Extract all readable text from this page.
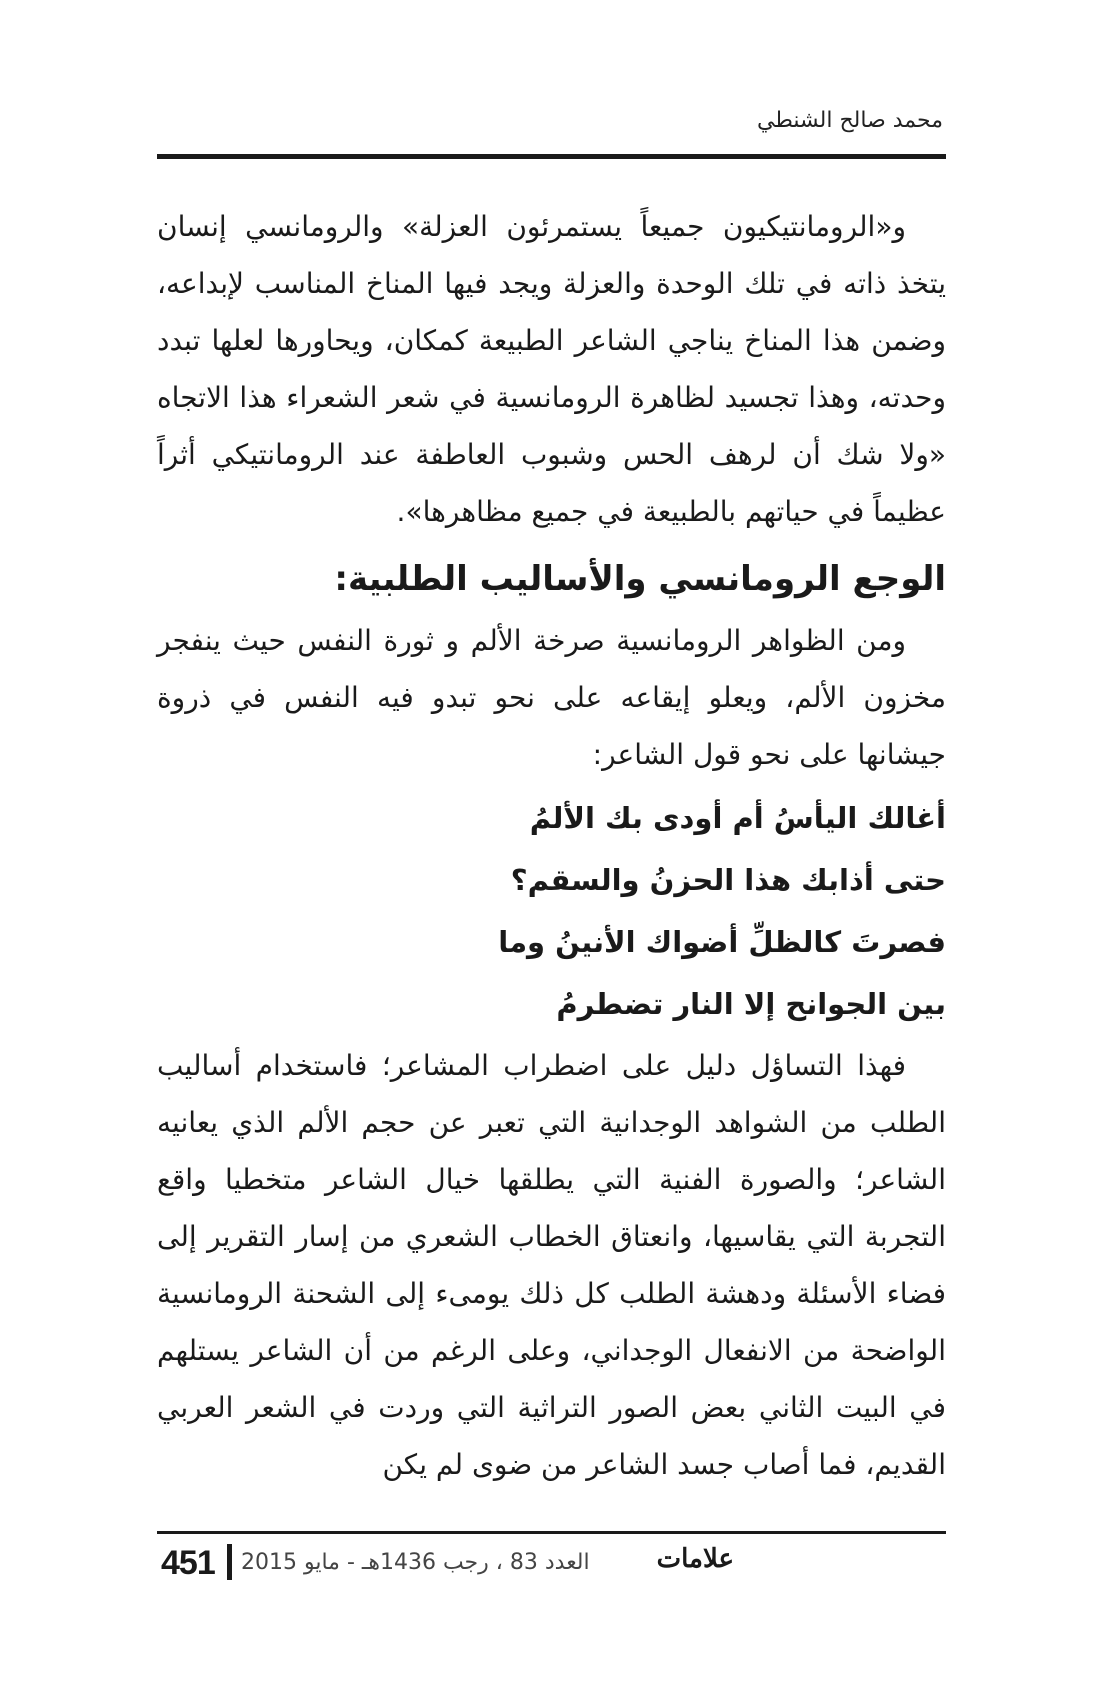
محمد صالح الشنطي

و«الرومانتيكيون جميعاً يستمرئون العزلة» والرومانسي إنسان يتخذ ذاته في تلك الوحدة والعزلة ويجد فيها المناخ المناسب لإبداعه، وضمن هذا المناخ يناجي الشاعر الطبيعة كمكان، ويحاورها لعلها تبدد وحدته، وهذا تجسيد لظاهرة الرومانسية في شعر الشعراء هذا الاتجاه «ولا شك أن لرهف الحس وشبوب العاطفة عند الرومانتيكي أثراً عظيماً في حياتهم بالطبيعة في جميع مظاهرها».

الوجع الرومانسي والأساليب الطلبية:

ومن الظواهر الرومانسية صرخة الألم و ثورة النفس حيث ينفجر مخزون الألم، ويعلو إيقاعه على نحو تبدو فيه النفس في ذروة جيشانها على نحو قول الشاعر:

أغالك اليأسُ أم أودى بك الألمُ

حتى أذابك هذا الحزنُ والسقم؟

فصرتَ كالظلِّ أضواك الأنينُ وما

بين الجوانح إلا النار تضطرمُ

فهذا التساؤل دليل على اضطراب المشاعر؛ فاستخدام أساليب الطلب من الشواهد الوجدانية التي تعبر عن حجم الألم الذي يعانيه الشاعر؛ والصورة الفنية التي يطلقها خيال الشاعر متخطيا واقع التجربة التي يقاسيها، وانعتاق الخطاب الشعري من إسار التقرير إلى فضاء الأسئلة ودهشة الطلب كل ذلك يومىء إلى الشحنة الرومانسية الواضحة من الانفعال الوجداني، وعلى الرغم من أن الشاعر يستلهم في البيت الثاني بعض الصور التراثية التي وردت في الشعر العربي القديم، فما أصاب جسد الشاعر من ضوى لم يكن

451 العدد 83 ، رجب 1436هـ - مايو 2015	علامات
